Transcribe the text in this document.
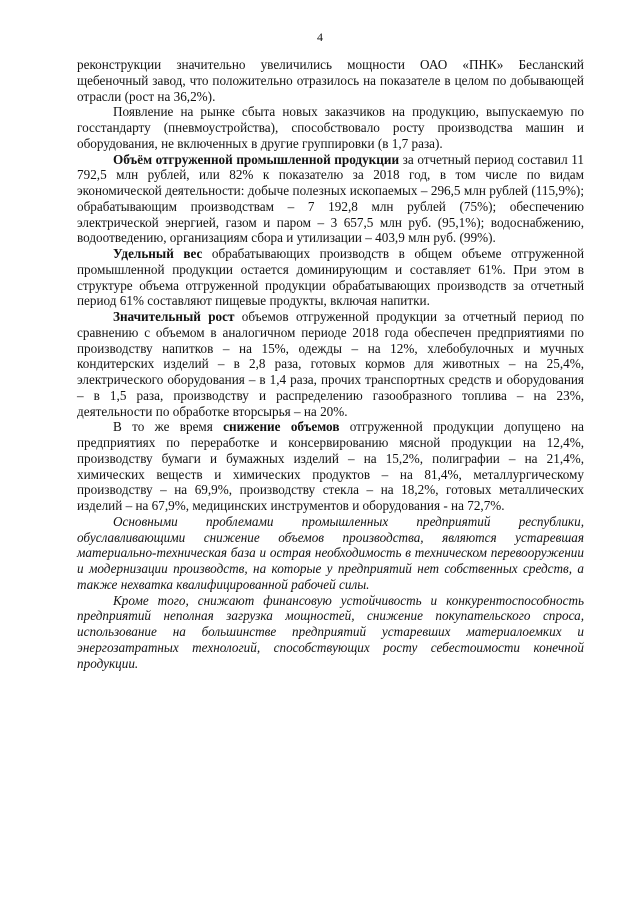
4

реконструкции значительно увеличились мощности ОАО «ПНК» Бесланский щебеночный завод, что положительно отразилось на показателе в целом по добывающей отрасли (рост на 36,2%).

Появление на рынке сбыта новых заказчиков на продукцию, выпускаемую по госстандарту (пневмоустройства), способствовало росту производства машин и оборудования, не включенных в другие группировки (в 1,7 раза).

Объём отгруженной промышленной продукции за отчетный период составил 11 792,5 млн рублей, или 82% к показателю за 2018 год, в том числе по видам экономической деятельности: добыче полезных ископаемых – 296,5 млн рублей (115,9%); обрабатывающим производствам – 7 192,8 млн рублей (75%); обеспечению электрической энергией, газом и паром – 3 657,5 млн руб. (95,1%); водоснабжению, водоотведению, организациям сбора и утилизации – 403,9 млн руб. (99%).

Удельный вес обрабатывающих производств в общем объеме отгруженной промышленной продукции остается доминирующим и составляет 61%. При этом в структуре объема отгруженной продукции обрабатывающих производств за отчетный период 61% составляют пищевые продукты, включая напитки.

Значительный рост объемов отгруженной продукции за отчетный период по сравнению с объемом в аналогичном периоде 2018 года обеспечен предприятиями по производству напитков – на 15%, одежды – на 12%, хлебобулочных и мучных кондитерских изделий – в 2,8 раза, готовых кормов для животных – на 25,4%, электрического оборудования – в 1,4 раза, прочих транспортных средств и оборудования – в 1,5 раза, производству и распределению газообразного топлива – на 23%, деятельности по обработке вторсырья – на 20%.

В то же время снижение объемов отгруженной продукции допущено на предприятиях по переработке и консервированию мясной продукции на 12,4%, производству бумаги и бумажных изделий – на 15,2%, полиграфии – на 21,4%, химических веществ и химических продуктов – на 81,4%, металлургическому производству – на 69,9%, производству стекла – на 18,2%, готовых металлических изделий – на 67,9%, медицинских инструментов и оборудования - на 72,7%.

Основными проблемами промышленных предприятий республики, обуславливающими снижение объемов производства, являются устаревшая материально-техническая база и острая необходимость в техническом перевооружении и модернизации производств, на которые у предприятий нет собственных средств, а также нехватка квалифицированной рабочей силы.

Кроме того, снижают финансовую устойчивость и конкурентоспособность предприятий неполная загрузка мощностей, снижение покупательского спроса, использование на большинстве предприятий устаревших материалоемких и энергозатратных технологий, способствующих росту себестоимости конечной продукции.
